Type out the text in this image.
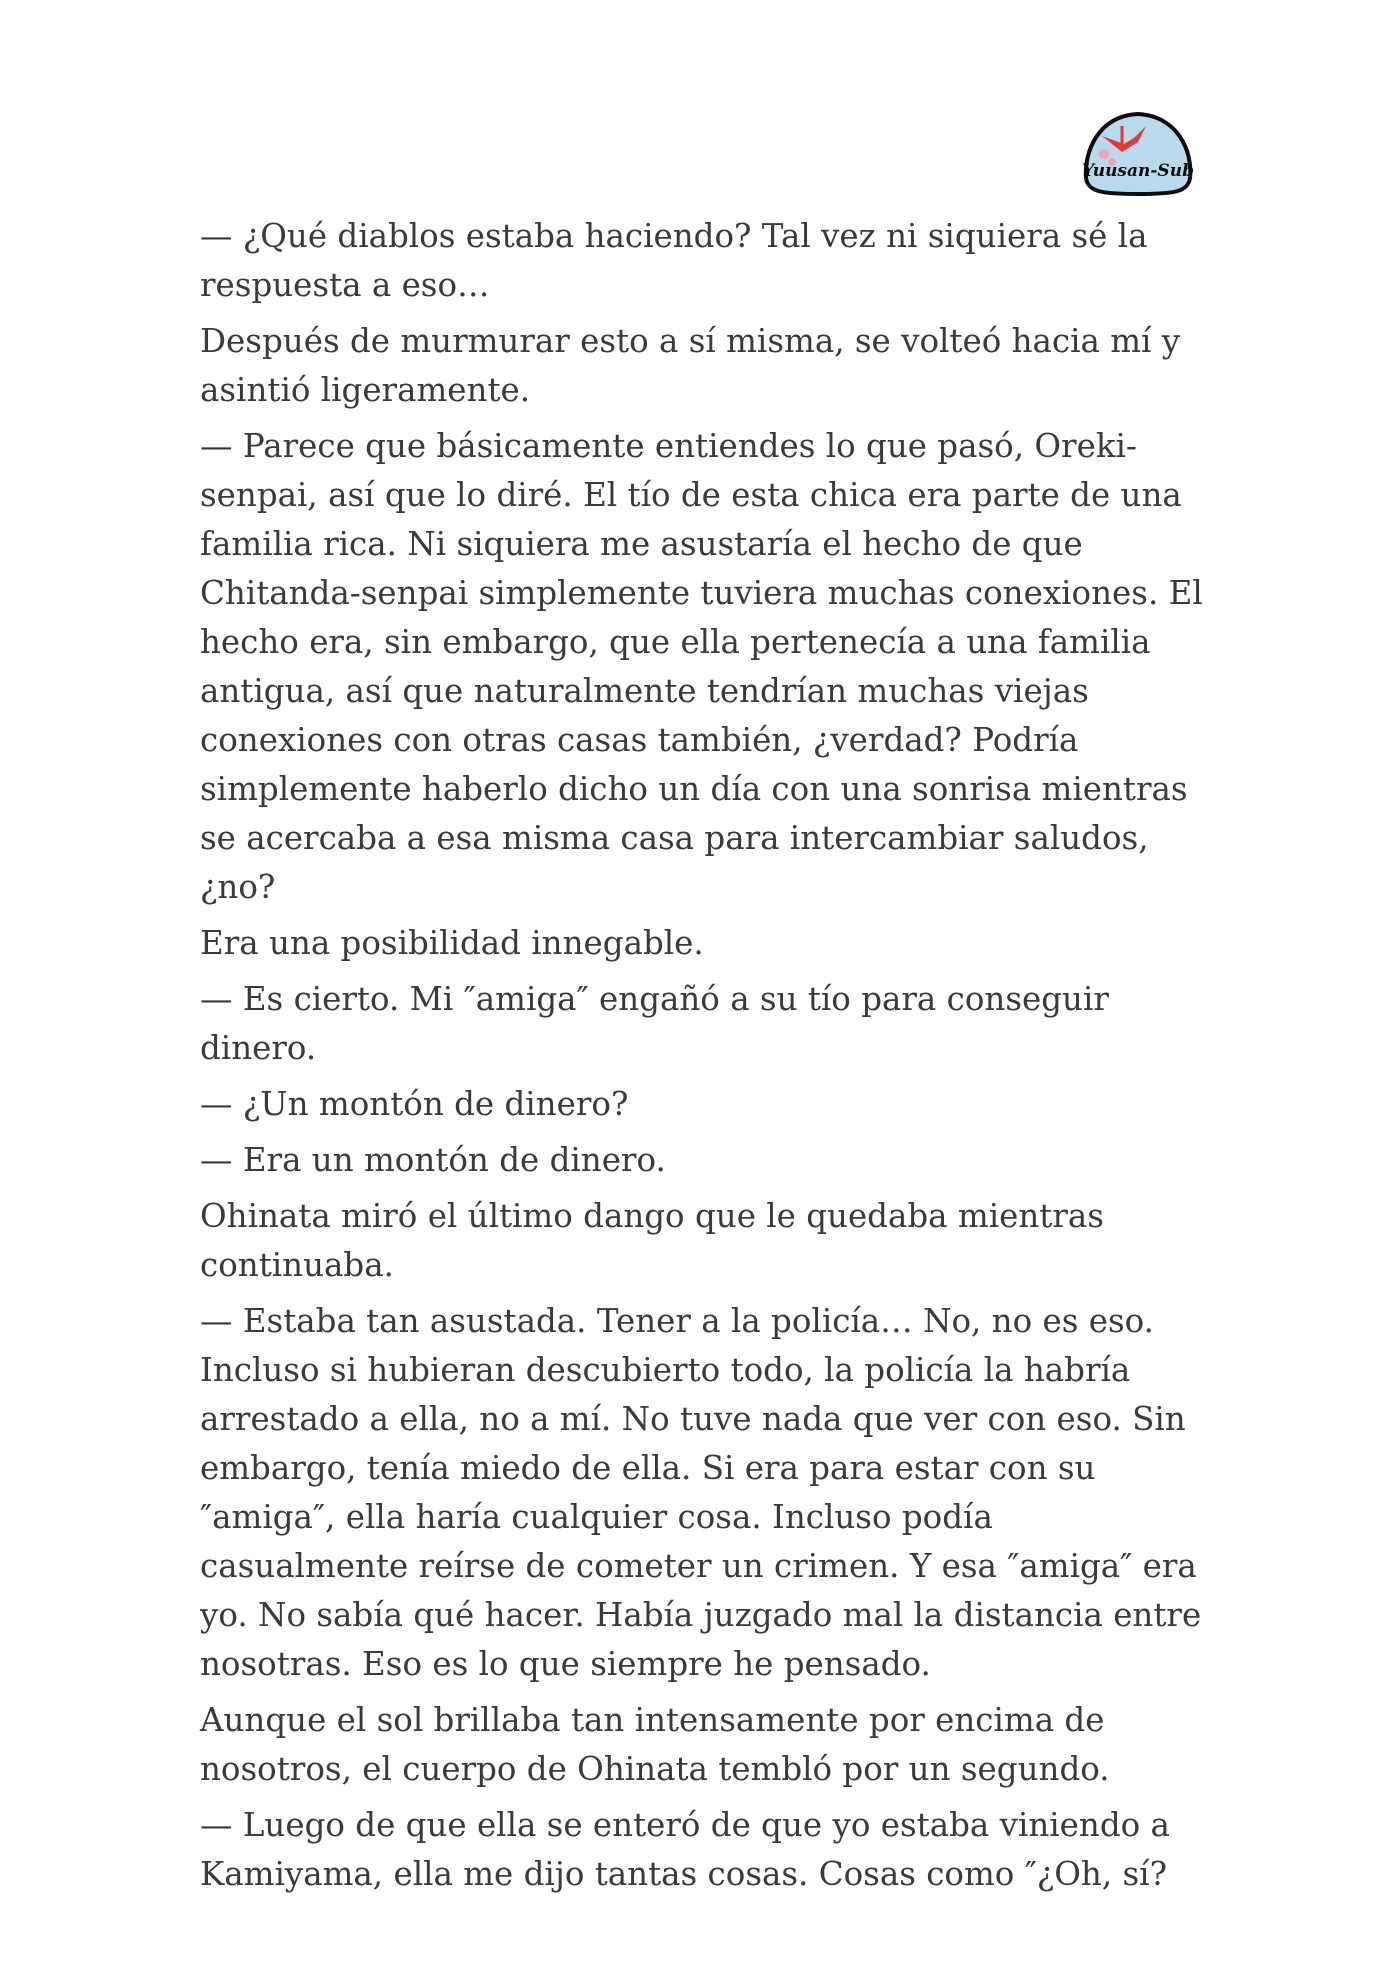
Yuusan-Sub

— ¿Qué diablos estaba haciendo? Tal vez ni siquiera sé la respuesta a eso…

Después de murmurar esto a sí misma, se volteó hacia mí y asintió ligeramente.

— Parece que básicamente entiendes lo que pasó, Oreki-senpai, así que lo diré. El tío de esta chica era parte de una familia rica. Ni siquiera me asustaría el hecho de que Chitanda-senpai simplemente tuviera muchas conexiones. El hecho era, sin embargo, que ella pertenecía a una familia antigua, así que naturalmente tendrían muchas viejas conexiones con otras casas también, ¿verdad? Podría simplemente haberlo dicho un día con una sonrisa mientras se acercaba a esa misma casa para intercambiar saludos, ¿no?

Era una posibilidad innegable.

— Es cierto. Mi ″amiga″ engañó a su tío para conseguir dinero.

— ¿Un montón de dinero?

— Era un montón de dinero.

Ohinata miró el último dango que le quedaba mientras continuaba.

— Estaba tan asustada. Tener a la policía… No, no es eso. Incluso si hubieran descubierto todo, la policía la habría arrestado a ella, no a mí. No tuve nada que ver con eso. Sin embargo, tenía miedo de ella. Si era para estar con su ″amiga″, ella haría cualquier cosa. Incluso podía casualmente reírse de cometer un crimen. Y esa ″amiga″ era yo. No sabía qué hacer. Había juzgado mal la distancia entre nosotras. Eso es lo que siempre he pensado.

Aunque el sol brillaba tan intensamente por encima de nosotros, el cuerpo de Ohinata tembló por un segundo.

— Luego de que ella se enteró de que yo estaba viniendo a Kamiyama, ella me dijo tantas cosas. Cosas como ″¿Oh, sí?
